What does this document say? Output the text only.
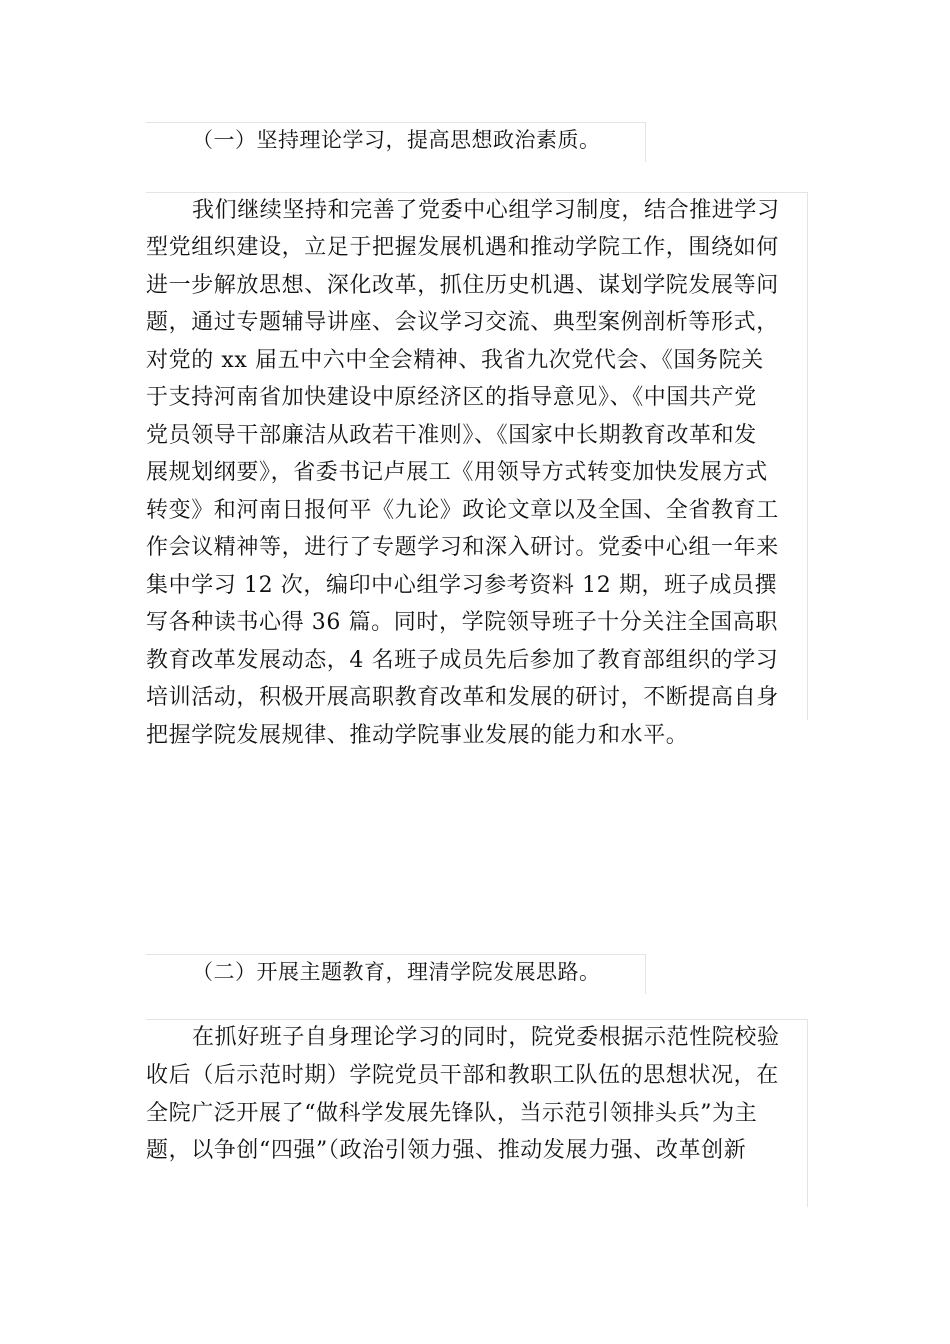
（一）坚持理论学习，提高思想政治素质。
我们继续坚持和完善了党委中心组学习制度，结合推进学习
型党组织建设，立足于把握发展机遇和推动学院工作，围绕如何
进一步解放思想、深化改革，抓住历史机遇、谋划学院发展等问
题，通过专题辅导讲座、会议学习交流、典型案例剖析等形式，
对党的 xx 届五中六中全会精神、我省九次党代会、《国务院关
于支持河南省加快建设中原经济区的指导意见》、《中国共产党
党员领导干部廉洁从政若干准则》、《国家中长期教育改革和发
展规划纲要》，省委书记卢展工《用领导方式转变加快发展方式
转变》和河南日报何平《九论》政论文章以及全国、全省教育工
作会议精神等，进行了专题学习和深入研讨。党委中心组一年来
集中学习 12 次，编印中心组学习参考资料 12 期，班子成员撰
写各种读书心得 36 篇。同时，学院领导班子十分关注全国高职
教育改革发展动态，4 名班子成员先后参加了教育部组织的学习
培训活动，积极开展高职教育改革和发展的研讨，不断提高自身
把握学院发展规律、推动学院事业发展的能力和水平。
（二）开展主题教育，理清学院发展思路。
在抓好班子自身理论学习的同时，院党委根据示范性院校验
收后（后示范时期）学院党员干部和教职工队伍的思想状况，在
全院广泛开展了“做科学发展先锋队，当示范引领排头兵”为主
题，以争创“四强”（政治引领力强、推动发展力强、改革创新
